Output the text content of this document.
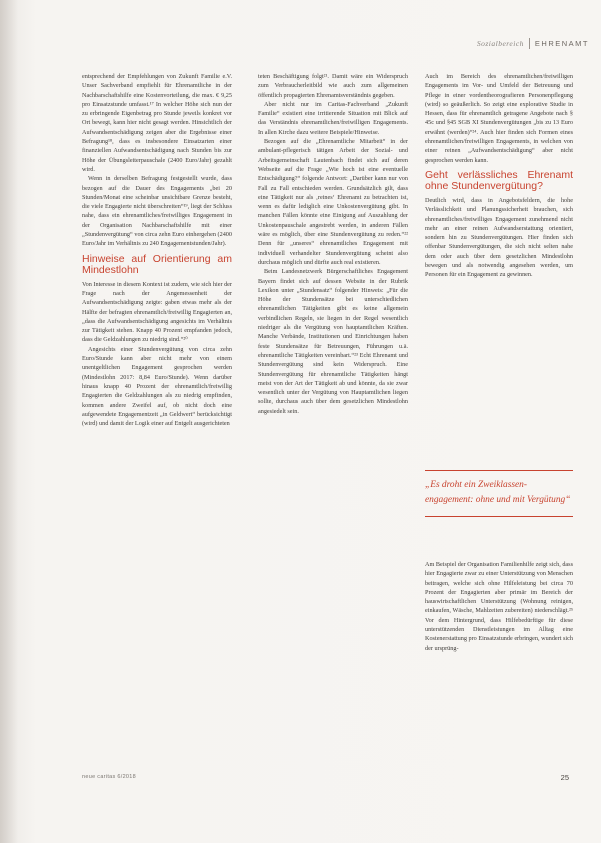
Sozialbereich EHRENAMT

entsprechend der Empfehlungen von Zukunft Familie e.V. Unser Sachverband empfiehlt für Ehrenamtliche in der Nachbarschaftshilfe eine Kostenvorteilung, die max. € 9,25 pro Einsatzstunde umfasst.¹⁷ In welcher Höhe sich nun der zu erbringende Eigenbetrag pro Stunde jeweils konkret vor Ort bewegt, kann hier nicht gesagt werden. Hinsichtlich der Aufwandsentschädigung zeigen aber die Ergebnisse einer Befragung¹⁸, dass es insbesondere Einsatzarten einer finanziellen Aufwandsentschädigung nach Stunden bis zur Höhe der Übungsleiterpauschale (2400 Euro/Jahr) gezahlt wird.

Wenn in derselben Befragung festgestellt wurde, dass bezogen auf die Dauer des Engagements „bei 20 Stunden/Monat eine scheinbar unsichtbare Grenze besteht, die viele Engagierte nicht überschreiten“¹⁹, liegt der Schluss nahe, dass ein ehrenamtliches/freiwilliges Engagement in der Organisation Nachbarschaftshilfe mit einer „Stundenvergütung“ von circa zehn Euro einhergehen (2400 Euro/Jahr im Verhältnis zu 240 Engagementstunden/Jahr).

Hinweise auf Orientierung am Mindestlohn

Von Interesse in diesem Kontext ist zudem, wie sich hier der Frage nach der Angemessenheit der Aufwandsentschädigung zeigte: gaben etwas mehr als der Hälfte der befragten ehrenamtlich/freiwillig Engagierten an, „dass die Aufwandsentschädigung angesichts im Verhältnis zur Tätigkeit stehen. Knapp 40 Prozent empfanden jedoch, dass die Geldzahlungen zu niedrig sind.“²⁰

Angesichts einer Stundenvergütung von circa zehn Euro/Stunde kann aber nicht mehr von einem unentgeltlichen Engagement gesprochen werden (Mindestlohn 2017: 8,84 Euro/Stunde). Wenn darüber hinaus knapp 40 Prozent der ehrenamtlich/freiwillig Engagierten die Geldzahlungen als zu niedrig empfinden, kommen andere Zweifel auf, ob nicht doch eine aufgewendete Engagementzeit „in Geldwert“ berücksichtigt (wird) und damit der Logik einer auf Entgelt ausgerichteten

teten Beschäftigung folgt²¹. Damit wäre ein Widerspruch zum Verbraucherleitbild wie auch zum allgemeinen öffentlich propagierten Ehrenamtsverständnis gegeben.

Aber nicht nur im Caritas-Fachverband „Zukunft Familie“ existiert eine irritierende Situation mit Blick auf das Verständnis ehrenamtlichen/freiwilligen Engagements. In allen Kirche dazu weitere Beispiele/Hinweise.

Bezogen auf die „Ehrenamtliche Mitarbeit“ in der ambulant-pflegerisch tätigen Arbeit der Sozial- und Arbeitsgemeinschaft Lautenbach findet sich auf deren Webseite auf die Frage „Wie hoch ist eine eventuelle Entschädigung?“ folgende Antwort: „Darüber kann nur von Fall zu Fall entschieden werden. Grundsätzlich gilt, dass eine Tätigkeit nur als ‚reines‘ Ehrenamt zu betrachten ist, wenn es dafür lediglich eine Unkostenvergütung gibt. In manchen Fällen könnte eine Einigung auf Auszahlung der Unkostenpauschale angestrebt werden, in anderen Fällen wäre es möglich, über eine Stundenvergütung zu reden.“²² Denn für „unseres“ ehrenamtliches Engagement mit individuell verhandelter Stundenvergütung scheint also durchaus möglich und dürfte auch real existieren.

Beim Landesnetzwerk Bürgerschaftliches Engagement Bayern findet sich auf dessen Website in der Rubrik Lexikon unter „Stundensatz“ folgender Hinweis: „Für die Höhe der Stundensätze bei unterschiedlichen ehrenamtlichen Tätigkeiten gibt es keine allgemein verbindlichen Regeln, sie liegen in der Regel wesentlich niedriger als die Vergütung von hauptamtlichen Kräften. Manche Verbände, Institutionen und Einrichtungen haben feste Stundensätze für Betreuungen, Führungen u.ä. ehrenamtliche Tätigkeiten vereinbart.“²³ Echt Ehrenamt und Stundenvergütung sind kein Widerspruch. Eine Stundenvergütung für ehrenamtliche Tätigkeiten hängt meist von der Art der Tätigkeit ab und könnte, da sie zwar wesentlich unter der Vergütung von Hauptamtlichen liegen sollte, durchaus auch über dem gesetzlichen Mindestlohn angesiedelt sein.

Auch im Bereich des ehrenamtlichen/freiwilligen Engagements im Vor- und Umfeld der Betreuung und Pflege in einer vordentheorografieren Personenpflegung (wird) so geäußerlich. So zeigt eine explorative Studie in Hessen, dass für ehrenamtlich getragene Angebote nach § 45c und §45 SGB XI Stundenvergütungen „bis zu 13 Euro erwähnt (werden)“²⁴. Auch hier finden sich Formen eines ehrenamtlichen/freiwilligen Engagements, in welchen von einer reinen „Aufwandsentschädigung“ aber nicht gesprochen werden kann.

Geht verlässliches Ehrenamt ohne Stundenvergütung?

Deutlich wird, dass in Angebotsfeldern, die hohe Verlässlichkeit und Planungssicherheit brauchen, sich ehrenamtliches/freiwilliges Engagement zunehmend nicht mehr an einer reinen Aufwandserstattung orientiert, sondern hin zu Stundenvergütungen. Hier finden sich offenbar Stundenvergütungen, die sich nicht selten nahe dem oder auch über dem gesetzlichen Mindestlohn bewegen und als notwendig angesehen werden, um Personen für ein Engagement zu gewinnen.

„Es droht ein Zweiklassen-engagement: ohne und mit Vergütung“

Am Beispiel der Organisation Familienhilfe zeigt sich, dass hier Engagierte zwar zu einer Unterstützung von Menschen beitragen, welche sich ohne Hilfeleistung bei circa 70 Prozent der Engagierten aber primär im Bereich der hauswirtschaftlichen Unterstützung (Wohnung reinigen, einkaufen, Wäsche, Mahlzeiten zubereiten) niederschlägt.²⁵ Vor dem Hintergrund, dass Hilfebedürftige für diese unterstützenden Dienstleistungen im Alltag eine Kostenerstattung pro Einsatzstunde erbringen, wundert sich der ursprüng-

neue caritas 6/2018	25
